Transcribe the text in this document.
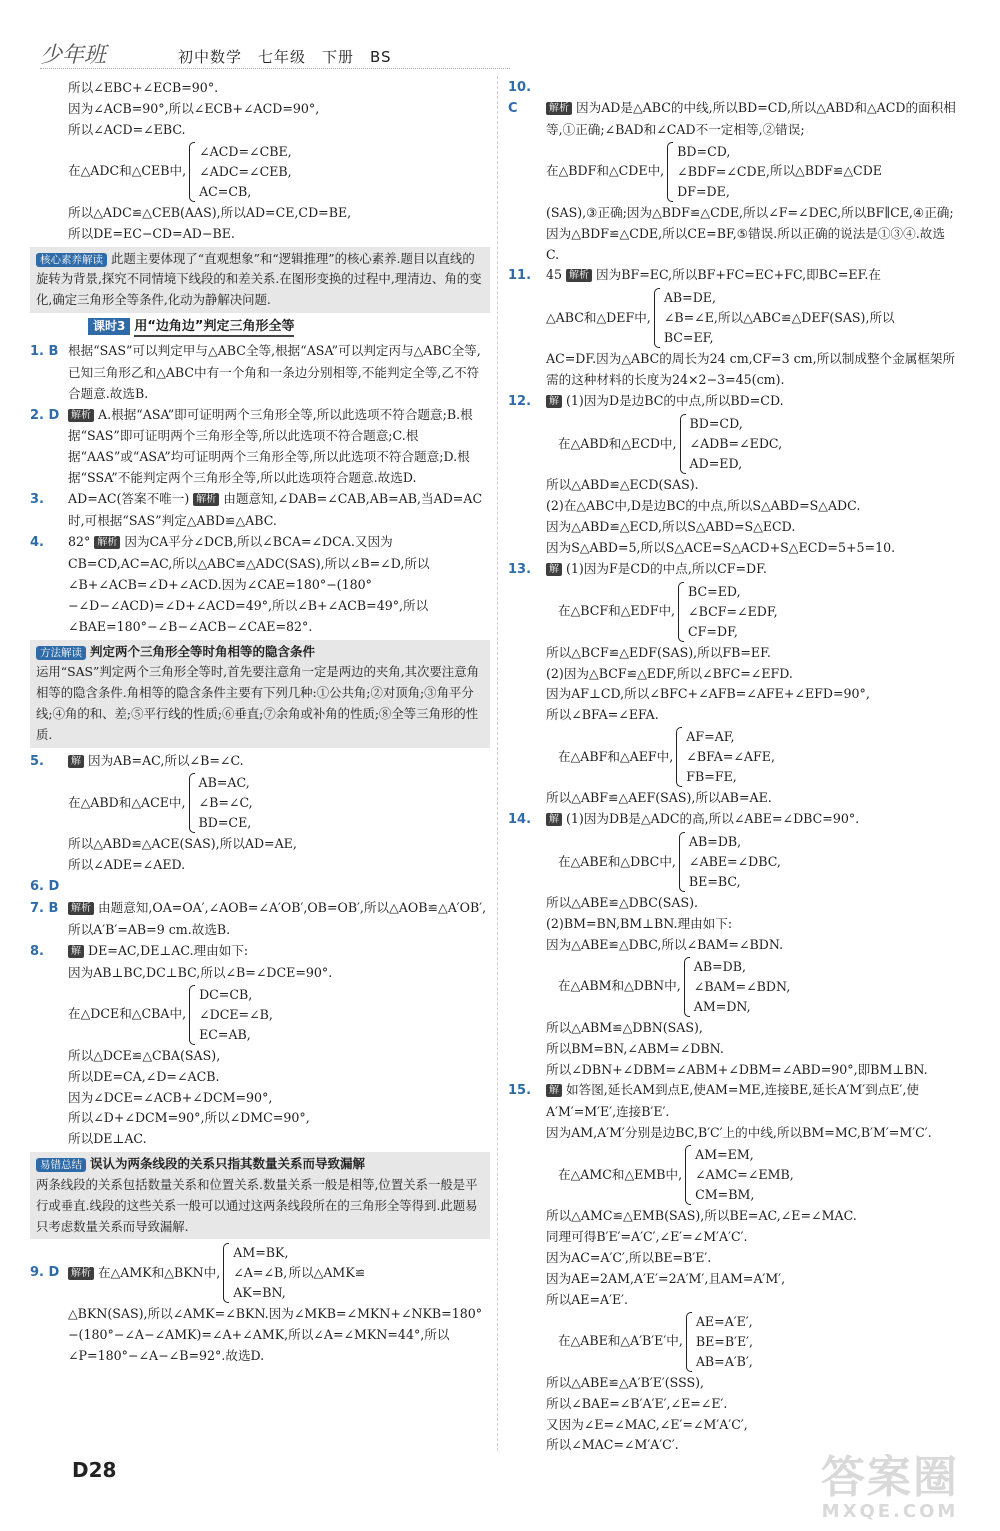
少年班	初中数学　七年级　下册　BS
所以∠EBC+∠ECB=90°.
因为∠ACB=90°,所以∠ECB+∠ACD=90°,
所以∠ACD=∠EBC.
在△ADC和△CEB中,
∠ACD=∠CBE,
∠ADC=∠CEB,
AC=CB,
所以△ADC≌△CEB(AAS),所以AD=CE,CD=BE,
所以DE=EC−CD=AD−BE.
核心素养解读 此题主要体现了“直观想象”和“逻辑推理”的核心素养.题目以直线的旋转为背景,探究不同情境下线段的和差关系.在图形变换的过程中,理清边、角的变化,确定三角形全等条件,化动为静解决问题.
课时3 用“边角边”判定三角形全等
1. B 根据“SAS”可以判定甲与△ABC全等,根据“ASA”可以判定丙与△ABC全等,已知三角形乙和△ABC中有一个角和一条边分别相等,不能判定全等,乙不符合题意.故选B.
2. D 解析 A.根据“ASA”即可证明两个三角形全等,所以此选项不符合题意;B.根据“SAS”即可证明两个三角形全等,所以此选项不符合题意;C.根据“AAS”或“ASA”均可证明两个三角形全等,所以此选项不符合题意;D.根据“SSA”不能判定两个三角形全等,所以此选项符合题意.故选D.
3. AD=AC(答案不唯一) 解析 由题意知,∠DAB=∠CAB,AB=AB,当AD=AC时,可根据“SAS”判定△ABD≌△ABC.
4. 82° 解析 因为CA平分∠DCB,所以∠BCA=∠DCA.又因为CB=CD,AC=AC,所以△ABC≌△ADC(SAS),所以∠B=∠D,所以∠B+∠ACB=∠D+∠ACD.因为∠CAE=180°−(180°−∠D−∠ACD)=∠D+∠ACD=49°,所以∠B+∠ACB=49°,所以∠BAE=180°−∠B−∠ACB−∠CAE=82°.
方法解读 判定两个三角形全等时角相等的隐含条件
运用“SAS”判定两个三角形全等时,首先要注意角一定是两边的夹角,其次要注意角相等的隐含条件.角相等的隐含条件主要有下列几种:①公共角;②对顶角;③角平分线;④角的和、差;⑤平行线的性质;⑥垂直;⑦余角或补角的性质;⑧全等三角形的性质.
5.	解 因为AB=AC,所以∠B=∠C.
在△ABD和△ACE中,
AB=AC,
∠B=∠C,
BD=CE,
所以△ABD≌△ACE(SAS),所以AD=AE,
所以∠ADE=∠AED.
6. D
7. B 解析 由题意知,OA=OA′,∠AOB=∠A′OB′,OB=OB′,所以△AOB≌△A′OB′,所以A′B′=AB=9 cm.故选B.
8.	解 DE=AC,DE⊥AC.理由如下:
因为AB⊥BC,DC⊥BC,所以∠B=∠DCE=90°.
在△DCE和△CBA中,
DC=CB,
∠DCE=∠B,
EC=AB,
所以△DCE≌△CBA(SAS),
所以DE=CA,∠D=∠ACB.
因为∠DCE=∠ACB+∠DCM=90°,
所以∠D+∠DCM=90°,所以∠DMC=90°,
所以DE⊥AC.
易错总结 误认为两条线段的关系只指其数量关系而导致漏解
两条线段的关系包括数量关系和位置关系.数量关系一般是相等,位置关系一般是平行或垂直.线段的这些关系一般可以通过这两条线段所在的三角形全等得到.此题易只考虑数量关系而导致漏解.
9. D	解析 在△AMK和△BKN中,
AM=BK,
∠A=∠B,
AK=BN,
所以△AMK≌
△BKN(SAS),所以∠AMK=∠BKN.因为∠MKB=∠MKN+∠NKB=180°−(180°−∠A−∠AMK)=∠A+∠AMK,所以∠A=∠MKN=44°,所以∠P=180°−∠A−∠B=92°.故选D.
10. C	解析 因为AD是△ABC的中线,所以BD=CD,所以△ABD和△ACD的面积相等,①正确;∠BAD和∠CAD不一定相等,②错误;
在△BDF和△CDE中,
BD=CD,
∠BDF=∠CDE,
DF=DE,
所以△BDF≌△CDE
(SAS),③正确;因为△BDF≌△CDE,所以∠F=∠DEC,所以BF∥CE,④正确;因为△BDF≌△CDE,所以CE=BF,⑤错误.所以正确的说法是①③④.故选C.
11. 45 解析 因为BF=EC,所以BF+FC=EC+FC,即BC=EF.在
△ABC和△DEF中,
AB=DE,
∠B=∠E,
BC=EF,
所以△ABC≌△DEF(SAS),所以
AC=DF.因为△ABC的周长为24 cm,CF=3 cm,所以制成整个金属框架所需的这种材料的长度为24×2−3=45(cm).
12. 解 (1)因为D是边BC的中点,所以BD=CD.
在△ABD和△ECD中,
BD=CD,
∠ADB=∠EDC,
AD=ED,
所以△ABD≌△ECD(SAS).
(2)在△ABC中,D是边BC的中点,所以S△ABD=S△ADC.
因为△ABD≌△ECD,所以S△ABD=S△ECD.
因为S△ABD=5,所以S△ACE=S△ACD+S△ECD=5+5=10.
13. 解 (1)因为F是CD的中点,所以CF=DF.
在△BCF和△EDF中,
BC=ED,
∠BCF=∠EDF,
CF=DF,
所以△BCF≌△EDF(SAS),所以FB=EF.
(2)因为△BCF≌△EDF,所以∠BFC=∠EFD.
因为AF⊥CD,所以∠BFC+∠AFB=∠AFE+∠EFD=90°,
所以∠BFA=∠EFA.
在△ABF和△AEF中,
AF=AF,
∠BFA=∠AFE,
FB=FE,
所以△ABF≌△AEF(SAS),所以AB=AE.
14. 解 (1)因为DB是△ADC的高,所以∠ABE=∠DBC=90°.
在△ABE和△DBC中,
AB=DB,
∠ABE=∠DBC,
BE=BC,
所以△ABE≌△DBC(SAS).
(2)BM=BN,BM⊥BN.理由如下:
因为△ABE≌△DBC,所以∠BAM=∠BDN.
在△ABM和△DBN中,
AB=DB,
∠BAM=∠BDN,
AM=DN,
所以△ABM≌△DBN(SAS),
所以BM=BN,∠ABM=∠DBN.
所以∠DBN+∠DBM=∠ABM+∠DBM=∠ABD=90°,即BM⊥BN.
15. 解 如答图,延长AM到点E,使AM=ME,连接BE,延长A′M′到点E′,使A′M′=M′E′,连接B′E′.
因为AM,A′M′分别是边BC,B′C′上的中线,所以BM=MC,B′M′=M′C′.
在△AMC和△EMB中,
AM=EM,
∠AMC=∠EMB,
CM=BM,
所以△AMC≌△EMB(SAS),所以BE=AC,∠E=∠MAC.
同理可得B′E′=A′C′,∠E′=∠M′A′C′.
因为AC=A′C′,所以BE=B′E′.
因为AE=2AM,A′E′=2A′M′,且AM=A′M′,
所以AE=A′E′.
在△ABE和△A′B′E′中,
AE=A′E′,
BE=B′E′,
AB=A′B′,
所以△ABE≌△A′B′E′(SSS),
所以∠BAE=∠B′A′E′,∠E=∠E′.
又因为∠E=∠MAC,∠E′=∠M′A′C′,
所以∠MAC=∠M′A′C′.
D28	答案圈
MXQE.COM
